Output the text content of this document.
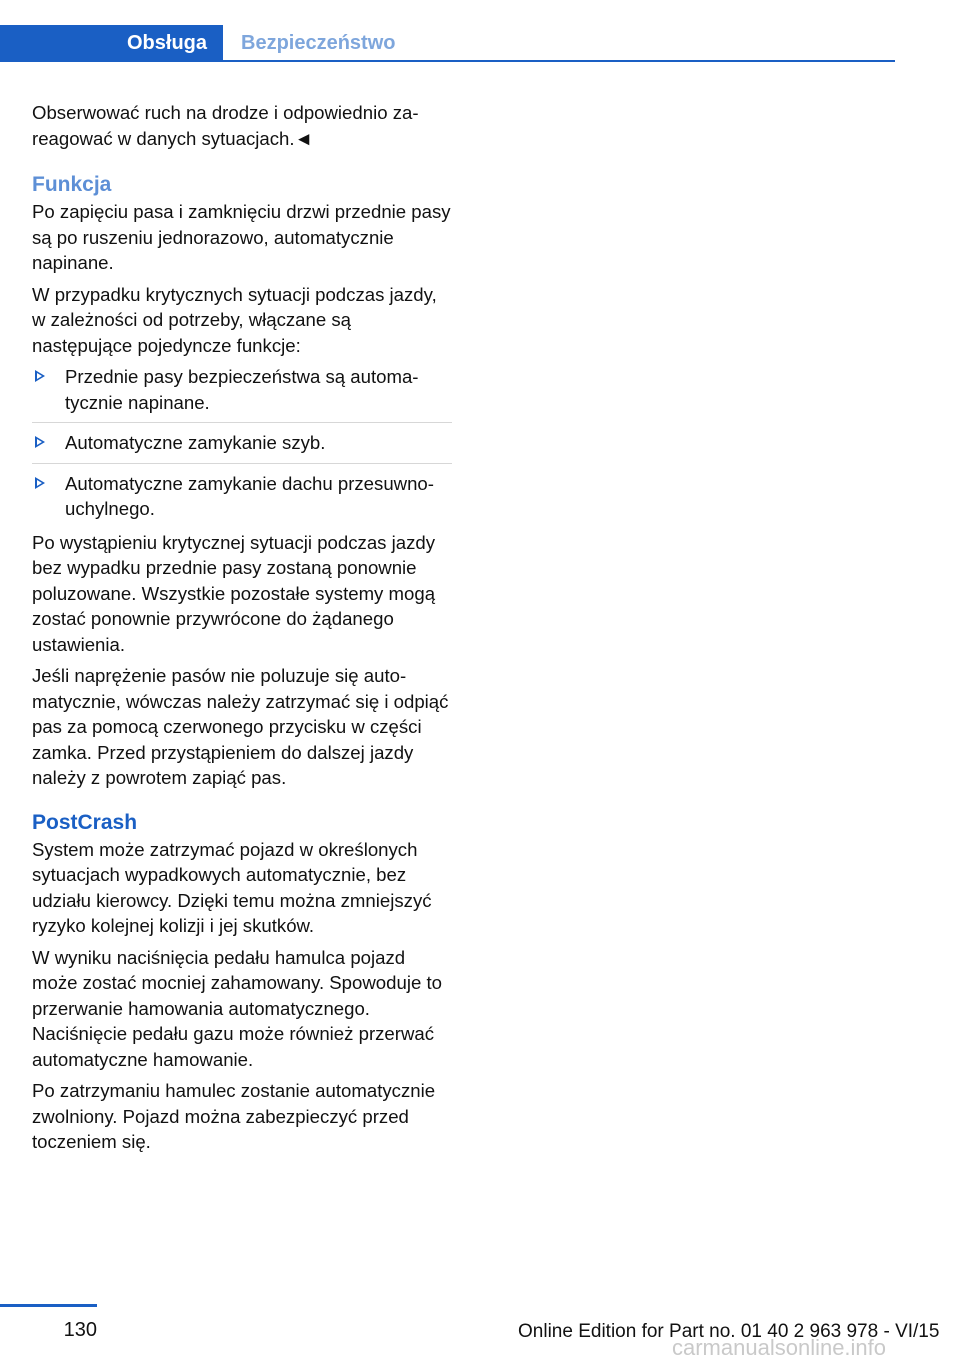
Obsługa	Bezpieczeństwo

Obserwować ruch na drodze i odpowiednio zareagować w danych sytuacjach.◄

Funkcja

Po zapięciu pasa i zamknięciu drzwi przednie pasy są po ruszeniu jednorazowo, automatycznie napinane.

W przypadku krytycznych sytuacji podczas jazdy, w zależności od potrzeby, włączane są następujące pojedyncze funkcje:

Przednie pasy bezpieczeństwa są automatycznie napinane.
Automatyczne zamykanie szyb.
Automatyczne zamykanie dachu przesuwno-uchylnego.

Po wystąpieniu krytycznej sytuacji podczas jazdy bez wypadku przednie pasy zostaną ponownie poluzowane. Wszystkie pozostałe systemy mogą zostać ponownie przywrócone do żądanego ustawienia.

Jeśli naprężenie pasów nie poluzuje się automatycznie, wówczas należy zatrzymać się i odpiąć pas za pomocą czerwonego przycisku w części zamka. Przed przystąpieniem do dalszej jazdy należy z powrotem zapiąć pas.

PostCrash

System może zatrzymać pojazd w określonych sytuacjach wypadkowych automatycznie, bez udziału kierowcy. Dzięki temu można zmniejszyć ryzyko kolejnej kolizji i jej skutków.

W wyniku naciśnięcia pedału hamulca pojazd może zostać mocniej zahamowany. Spowoduje to przerwanie hamowania automatycznego. Naciśnięcie pedału gazu może również przerwać automatyczne hamowanie.

Po zatrzymaniu hamulec zostanie automatycznie zwolniony. Pojazd można zabezpieczyć przed toczeniem się.

130	Online Edition for Part no. 01 40 2 963 978 - VI/15
carmanualsonline.info
